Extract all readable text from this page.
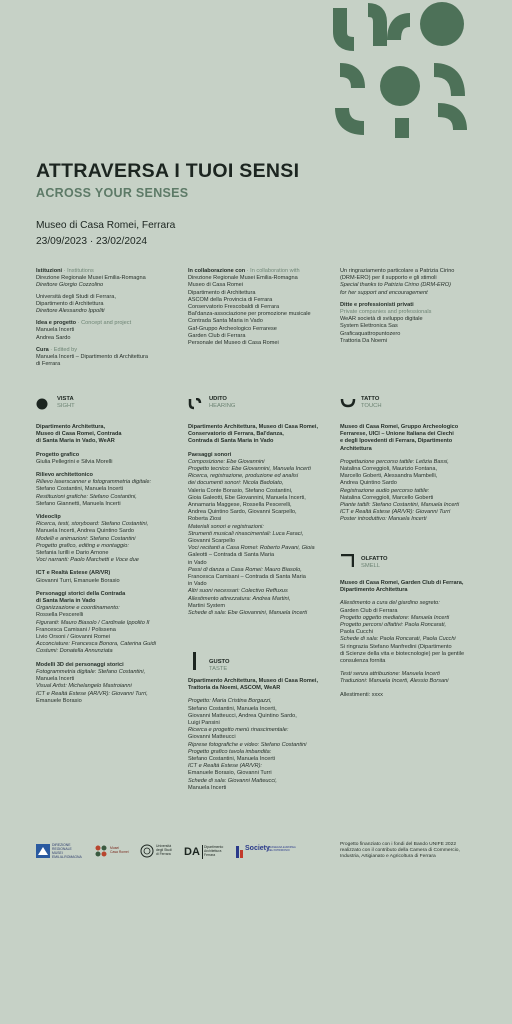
ATTRAVERSA I TUOI SENSI
ACROSS YOUR SENSES
Museo di Casa Romei, Ferrara
23/09/2023 · 23/02/2024

Istituzioni · Institutions

Direzione Regionale Musei Emilia-Romagna

Direttore Giorgio Cozzolino

Università degli Studi di Ferrara,

Dipartimento di Architettura

Direttore Alessandro Ippoliti

Idea e progetto · Concept and project

Manuela Incerti

Andrea Sardo

Cura · Edited by

Manuela Incerti – Dipartimento di Architettura

di Ferrara

In collaborazione con · In collaboration with

Direzione Regionale Musei Emilia-Romagna

Museo di Casa Romei

Dipartimento di Architettura

ASCOM della Provincia di Ferrara

Conservatorio Frescobaldi di Ferrara

Bal'danza-associazione per promozione musicale

Contrada Santa Maria in Vado

Gaf-Gruppo Archeologico Ferrarese

Garden Club di Ferrara

Personale del Museo di Casa Romei

Un ringraziamento particolare a Patrizia Cirino

(DRM-ERO) per il supporto e gli stimoli

Special thanks to Patrizia Cirino (DRM-ERO)

for her support and encouragement

Ditte e professionisti privati

Private companies and professionals

WeAR società di sviluppo digitale

System Elettronica Sas

Graficaquattropuntozero

Trattoria Da Noemi

VISTA
SIGHT

Dipartimento Architettura,

Museo di Casa Romei, Contrada

di Santa Maria in Vado, WeAR

Progetto grafico

Giulia Pellegrini e Silvia Morelli

Rilievo architettonico

Rilievo laserscanner e fotogrammetria digitale:

Stefano Costantini, Manuela Incerti

Restituzioni grafiche: Stefano Costantini,

Stefano Giannetti, Manuela Incerti

Videoclip

Ricerca, testi, storyboard: Stefano Costantini,

Manuela Incerti, Andrea Quintino Sardo

Modelli e animazioni: Stefano Costantini

Progetto grafico, editing e montaggio:

Stefania Iurilli e Dario Arnone

Voci narranti: Paolo Marchetti e Voce due

ICT e Realtà Estese (AR/VR)

Giovanni Turri, Emanuele Borasio

Personaggi storici della Contrada

di Santa Maria in Vado

Organizzazione e coordinamento:

Rossella Pescerelli

Figuranti: Mauro Biasolo / Cardinale Ippolito II

Francesca Camisani / Polissena

Livio Orsoni / Giovanni Romei

Acconciature: Francesca Bonora, Caterina Guidi

Costumi: Donatella Annunziata

Modelli 3D dei personaggi storici

Fotogrammetria digitale: Stefano Costantini,

Manuela Incerti

Visual Artist: Michelangelo Mastroianni

ICT e Realtà Estese (AR/VR): Giovanni Turri,

Emanuele Borasio

UDITO
HEARING

Dipartimento Architettura, Museo di Casa Romei,

Conservatorio di Ferrara, Bal'danza,

Contrada di Santa Maria in Vado

Paesaggi sonori

Composizione: Ebe Giovannini

Progetto tecnico: Ebe Giovannini, Manuela Incerti

Ricerca, registrazione, produzione ed analisi

dei documenti sonori: Nicola Badolato,

Valeria Conte Borasio, Stefano Costantini,

Gioia Galeotti, Ebe Giovannini, Manuela Incerti,

Annamaria Maggese, Rossella Pescerelli,

Andrea Quintino Sardo, Giovanni Scarpello,

Roberta Ziosi

Materiali sonori e registrazioni:

Strumenti musicali rinascimentali: Luca Faraci,

Giovanni Scarpello

Voci recitanti a Casa Romei: Roberto Pavani, Gioia

Galeotti – Contrada di Santa Maria

in Vado

Passi di danza a Casa Romei: Mauro Biasolo,

Francesca Camisani – Contrada di Santa Maria

in Vado

Altri suoni necessari: Colectivo Reffuxus

Allestimento attrezzatura: Andrea Martini,

Martini System

Schede di sala: Ebe Giovannini, Manuela Incerti

GUSTO
TASTE

Dipartimento Architettura, Museo di Casa Romei,

Trattoria da Noemi, ASCOM, WeAR

Progetto: Maria Cristina Borgazzi,

Stefano Costantini, Manuela Incerti,

Giovanni Matteucci, Andrea Quintino Sardo,

Luigi Pansini

Ricerca e progetto menù rinascimentale:

Giovanni Matteucci

Riprese fotografiche e video: Stefano Costantini

Progetto grafico tavola imbandita:

Stefano Costantini, Manuela Incerti

ICT e Realtà Estese (AR/VR):

Emanuele Borasio, Giovanni Turri

Schede di sala: Giovanni Matteucci,

Manuela Incerti

TATTO
TOUCH

Museo di Casa Romei, Gruppo Archeologico

Ferrarese, UICI – Unione Italiana dei Ciechi

e degli Ipovedenti di Ferrara, Dipartimento

Architettura

Progettazione percorso tattile: Letizia Bassi,

Natalina Correggioli, Maurizio Fontana,

Marcello Goberti, Alessandra Mambelli,

Andrea Quintino Sardo

Registrazione audio percorso tattile:

Natalina Correggioli, Marcello Goberti

Piante tattili: Stefano Costantini, Manuela Incerti

ICT e Realtà Estese (AR/VR): Giovanni Turri

Poster introduttivo: Manuela Incerti

OLFATTO
SMELL

Museo di Casa Romei, Garden Club di Ferrara,

Dipartimento Architettura

Allestimento a cura del giardino segreto:

Garden Club di Ferrara

Progetto oggetto mediatore: Manuela Incerti

Progetto percorsi olfattivi: Paola Roncarati,

Paola Cucchi

Schede di sala: Paola Roncarati, Paola Cucchi

Si ringrazia Stefano Manfredini (Dipartimento

di Scienze della vita e biotecnologie) per la gentile

consulenza fornita

Testi senza attribuzione: Manuela Incerti

Traduzioni: Manuela Incerti, Alessio Borsani

Allestimenti: xxxx

DIREZIONE
REGIONALE
MUSEI
EMILIA-ROMAGNA
Musei
Casa Romei
Università
degli Studi
di Ferrara DA	Dipartimento
Architettura
Ferrara
Society
RASSEGNA EUROPEA
DEL PATRIMONIO

Progetto finanziato con i fondi del Bando UNIFE 2022

realizzato con il contributo della Camera di Commercio,

Industria, Artigianato e Agricoltura di Ferrara
